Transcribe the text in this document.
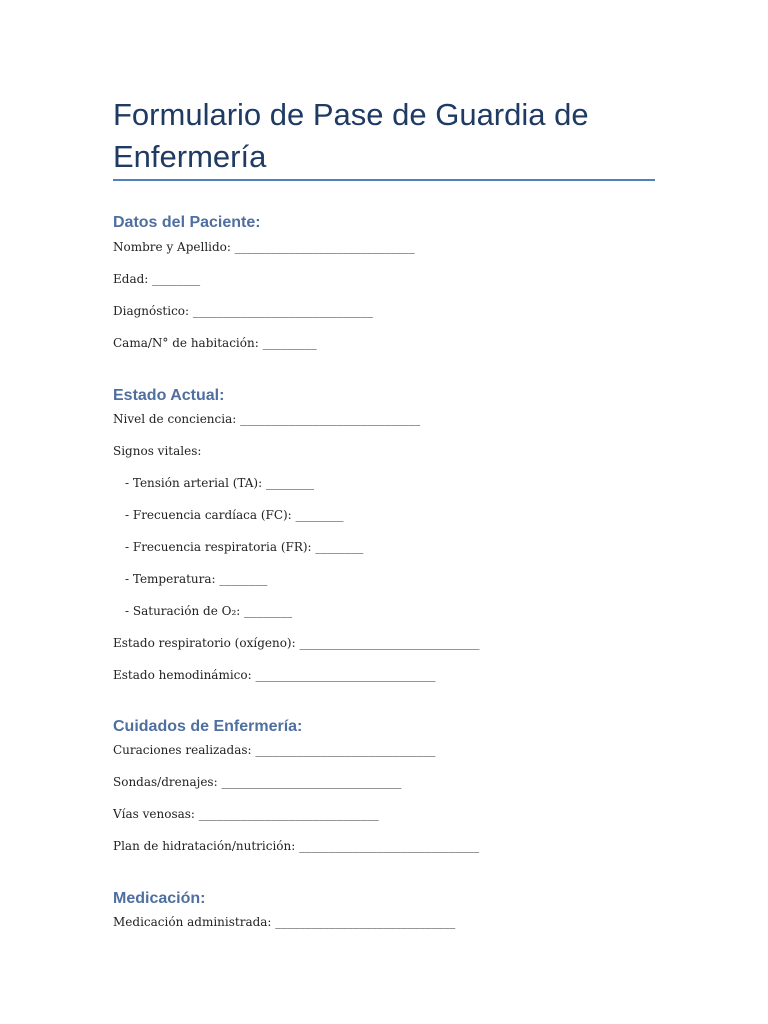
Formulario de Pase de Guardia de Enfermería
Datos del Paciente:

Nombre y Apellido: ______________________________

Edad: ________

Diagnóstico: ______________________________

Cama/N° de habitación: _________

Estado Actual:

Nivel de conciencia: ______________________________

Signos vitales:

- Tensión arterial (TA): ________

- Frecuencia cardíaca (FC): ________

- Frecuencia respiratoria (FR): ________

- Temperatura: ________

- Saturación de O₂: ________

Estado respiratorio (oxígeno): ______________________________

Estado hemodinámico: ______________________________

Cuidados de Enfermería:

Curaciones realizadas: ______________________________

Sondas/drenajes: ______________________________

Vías venosas: ______________________________

Plan de hidratación/nutrición: ______________________________

Medicación:

Medicación administrada: ______________________________
